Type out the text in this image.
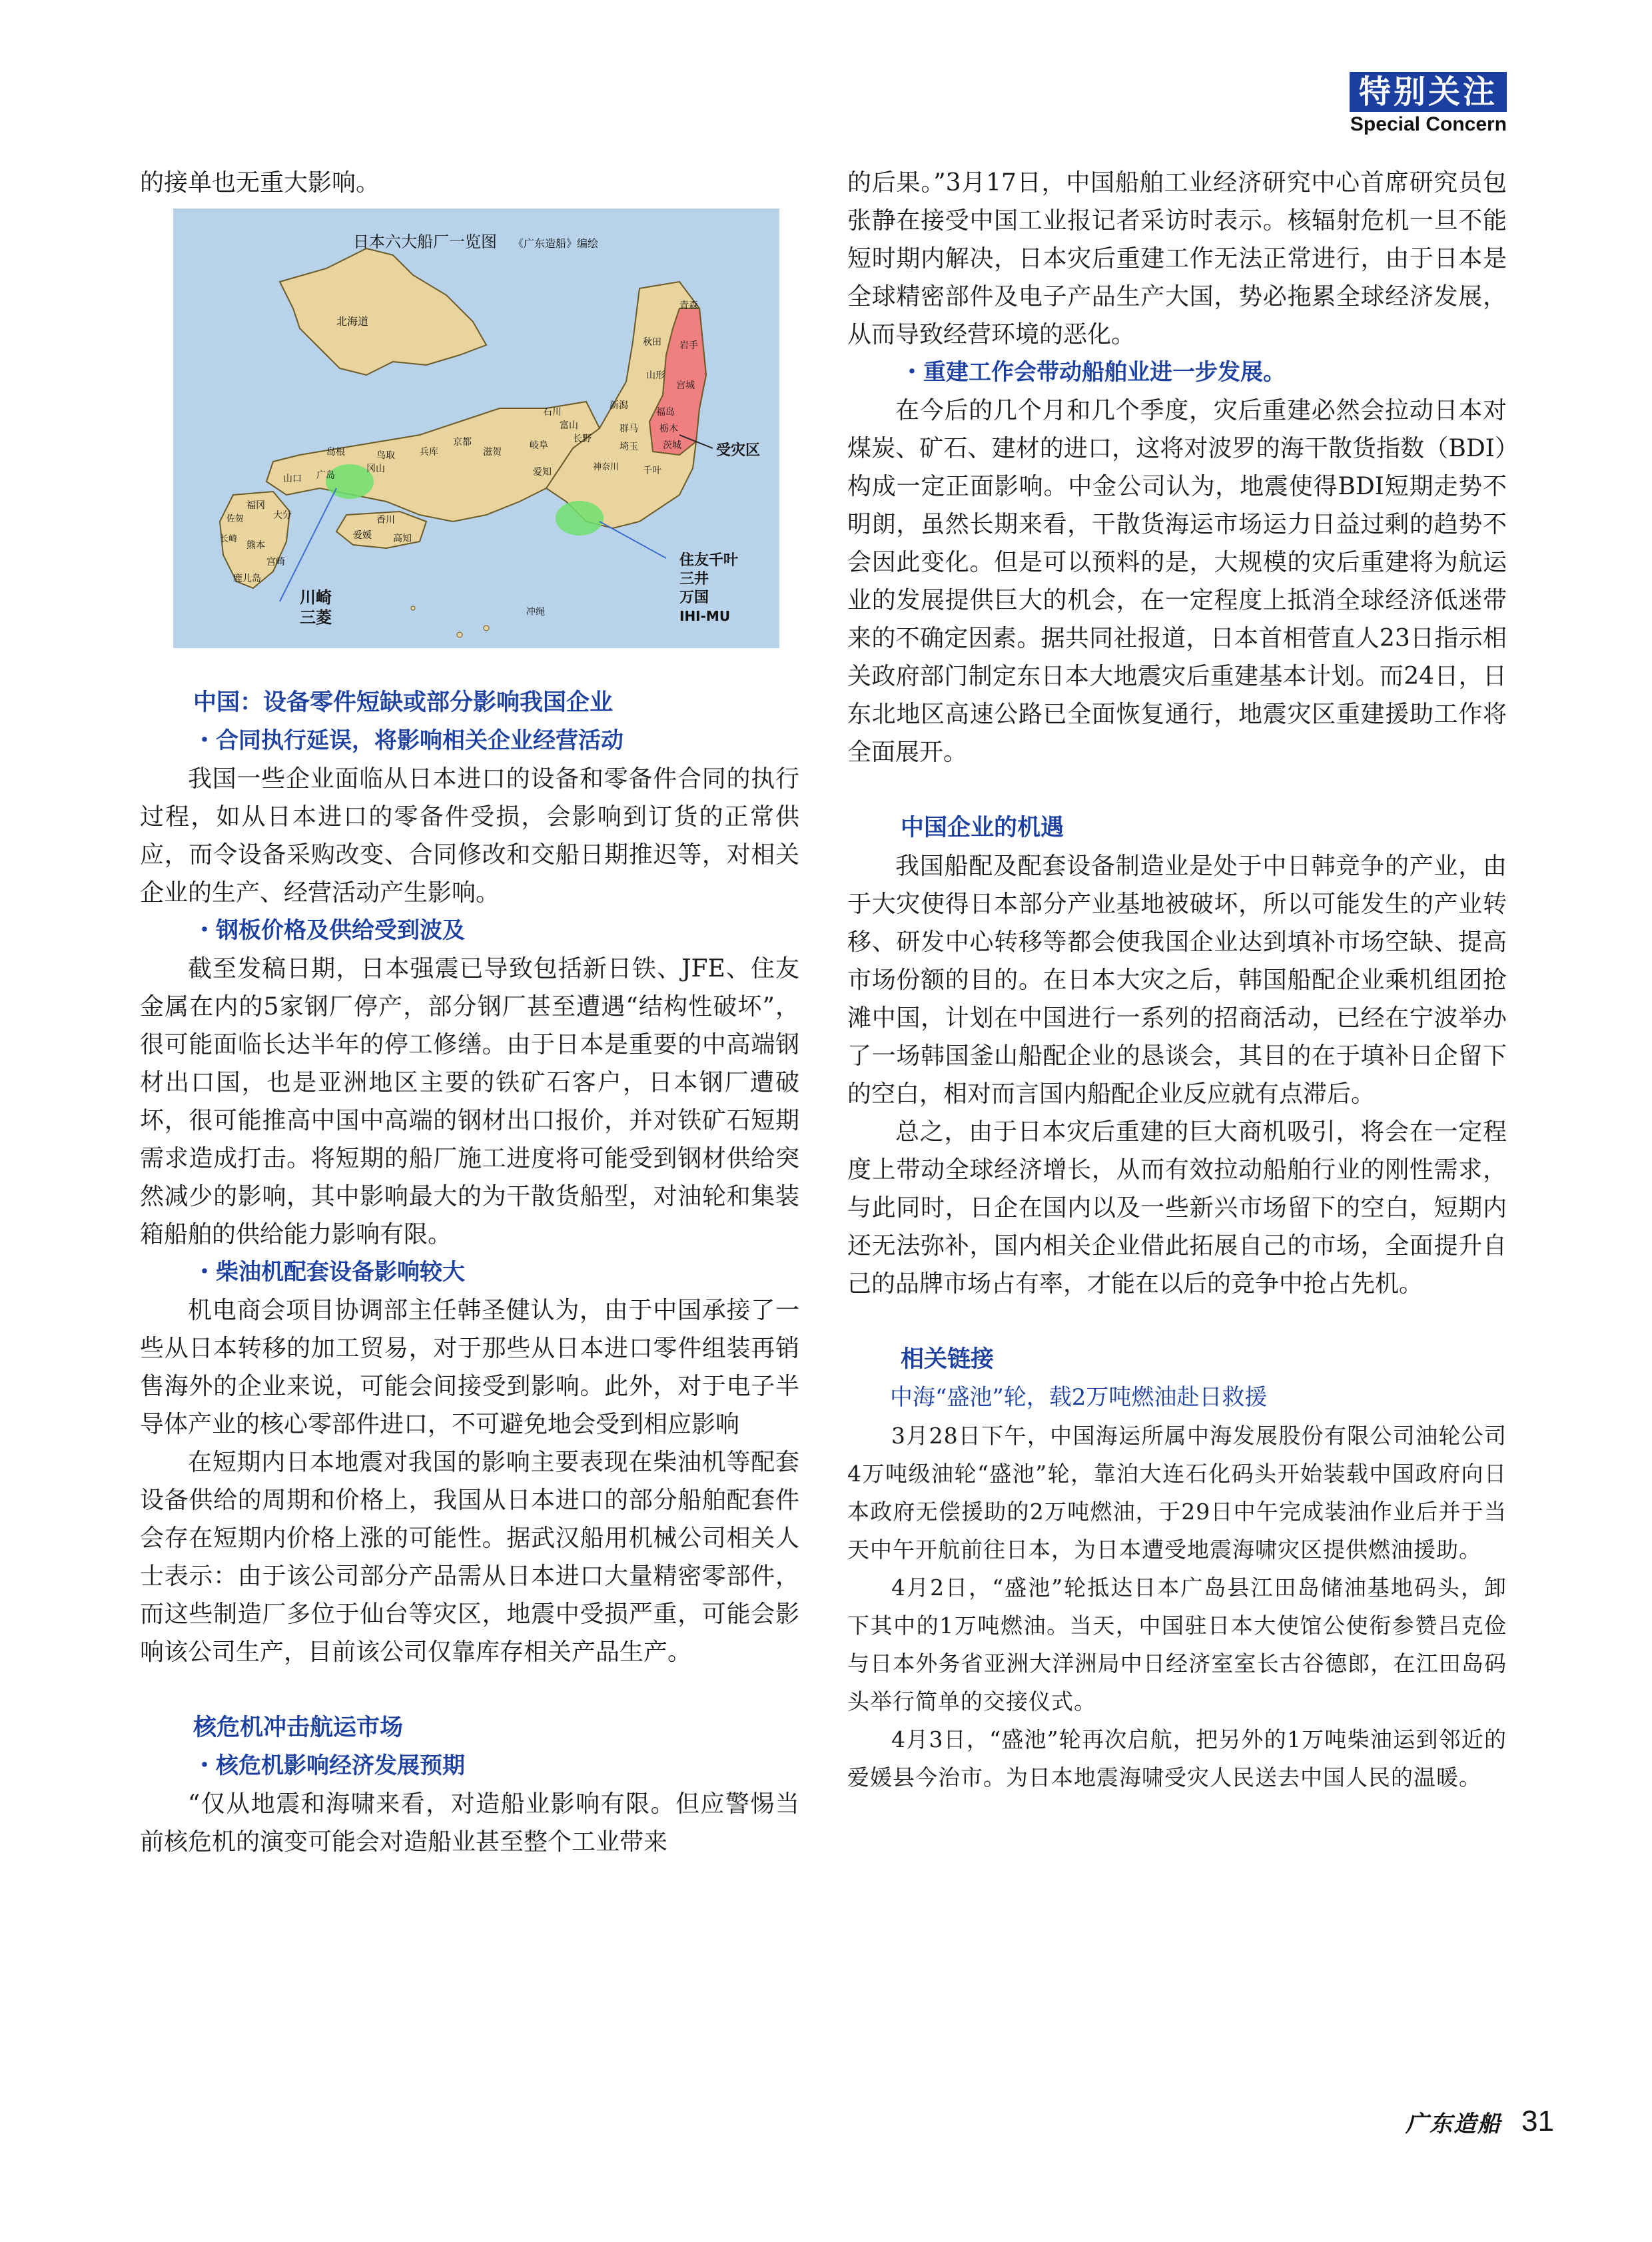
特别关注
Special Concern

的接单也无重大影响。

日本六大船厂一览图 《广东造船》编绘
北海道
青森
秋田 岩手
山形
宫城
新潟
福岛
栃木
群马
茨城
埼玉
千叶
神奈川
长野
石川
富山
岐阜
爱知
滋贺
京都
兵库
鸟取
岛根
冈山
广岛
山口
香川
爱媛 高知
福冈
佐贺
长崎
大分
熊本
宫崎
鹿儿岛
冲绳
受灾区
住友千叶
三井
万国
IHI-MU
川崎
三菱

中国：设备零件短缺或部分影响我国企业

・合同执行延误，将影响相关企业经营活动

我国一些企业面临从日本进口的设备和零备件合同的执行过程，如从日本进口的零备件受损，会影响到订货的正常供应，而令设备采购改变、合同修改和交船日期推迟等，对相关企业的生产、经营活动产生影响。

・钢板价格及供给受到波及

截至发稿日期，日本强震已导致包括新日铁、JFE、住友金属在内的5家钢厂停产，部分钢厂甚至遭遇“结构性破坏”，很可能面临长达半年的停工修缮。由于日本是重要的中高端钢材出口国，也是亚洲地区主要的铁矿石客户，日本钢厂遭破坏，很可能推高中国中高端的钢材出口报价，并对铁矿石短期需求造成打击。将短期的船厂施工进度将可能受到钢材供给突然减少的影响，其中影响最大的为干散货船型，对油轮和集装箱船舶的供给能力影响有限。

・柴油机配套设备影响较大

机电商会项目协调部主任韩圣健认为，由于中国承接了一些从日本转移的加工贸易，对于那些从日本进口零件组装再销售海外的企业来说，可能会间接受到影响。此外，对于电子半导体产业的核心零部件进口，不可避免地会受到相应影响

在短期内日本地震对我国的影响主要表现在柴油机等配套设备供给的周期和价格上，我国从日本进口的部分船舶配套件会存在短期内价格上涨的可能性。据武汉船用机械公司相关人士表示：由于该公司部分产品需从日本进口大量精密零部件，而这些制造厂多位于仙台等灾区，地震中受损严重，可能会影响该公司生产，目前该公司仅靠库存相关产品生产。

核危机冲击航运市场

・核危机影响经济发展预期

“仅从地震和海啸来看，对造船业影响有限。但应警惕当前核危机的演变可能会对造船业甚至整个工业带来

的后果。”3月17日，中国船舶工业经济研究中心首席研究员包张静在接受中国工业报记者采访时表示。核辐射危机一旦不能短时期内解决，日本灾后重建工作无法正常进行，由于日本是全球精密部件及电子产品生产大国，势必拖累全球经济发展，从而导致经营环境的恶化。

・重建工作会带动船舶业进一步发展。

在今后的几个月和几个季度，灾后重建必然会拉动日本对煤炭、矿石、建材的进口，这将对波罗的海干散货指数（BDI）构成一定正面影响。中金公司认为，地震使得BDI短期走势不明朗，虽然长期来看，干散货海运市场运力日益过剩的趋势不会因此变化。但是可以预料的是，大规模的灾后重建将为航运业的发展提供巨大的机会，在一定程度上抵消全球经济低迷带来的不确定因素。据共同社报道，日本首相菅直人23日指示相关政府部门制定东日本大地震灾后重建基本计划。而24日，日东北地区高速公路已全面恢复通行，地震灾区重建援助工作将全面展开。

中国企业的机遇

我国船配及配套设备制造业是处于中日韩竞争的产业，由于大灾使得日本部分产业基地被破坏，所以可能发生的产业转移、研发中心转移等都会使我国企业达到填补市场空缺、提高市场份额的目的。在日本大灾之后，韩国船配企业乘机组团抢滩中国，计划在中国进行一系列的招商活动，已经在宁波举办了一场韩国釜山船配企业的恳谈会，其目的在于填补日企留下的空白，相对而言国内船配企业反应就有点滞后。

总之，由于日本灾后重建的巨大商机吸引，将会在一定程度上带动全球经济增长，从而有效拉动船舶行业的刚性需求，与此同时，日企在国内以及一些新兴市场留下的空白，短期内还无法弥补，国内相关企业借此拓展自己的市场，全面提升自己的品牌市场占有率，才能在以后的竞争中抢占先机。

相关链接

中海“盛池”轮，载2万吨燃油赴日救援

3月28日下午，中国海运所属中海发展股份有限公司油轮公司4万吨级油轮“盛池”轮，靠泊大连石化码头开始装载中国政府向日本政府无偿援助的2万吨燃油，于29日中午完成装油作业后并于当天中午开航前往日本，为日本遭受地震海啸灾区提供燃油援助。

4月2日，“盛池”轮抵达日本广岛县江田岛储油基地码头，卸下其中的1万吨燃油。当天，中国驻日本大使馆公使衔参赞吕克俭与日本外务省亚洲大洋洲局中日经济室室长古谷德郎，在江田岛码头举行简单的交接仪式。

4月3日，“盛池”轮再次启航，把另外的1万吨柴油运到邻近的爱媛县今治市。为日本地震海啸受灾人民送去中国人民的温暖。

广东造船 31
